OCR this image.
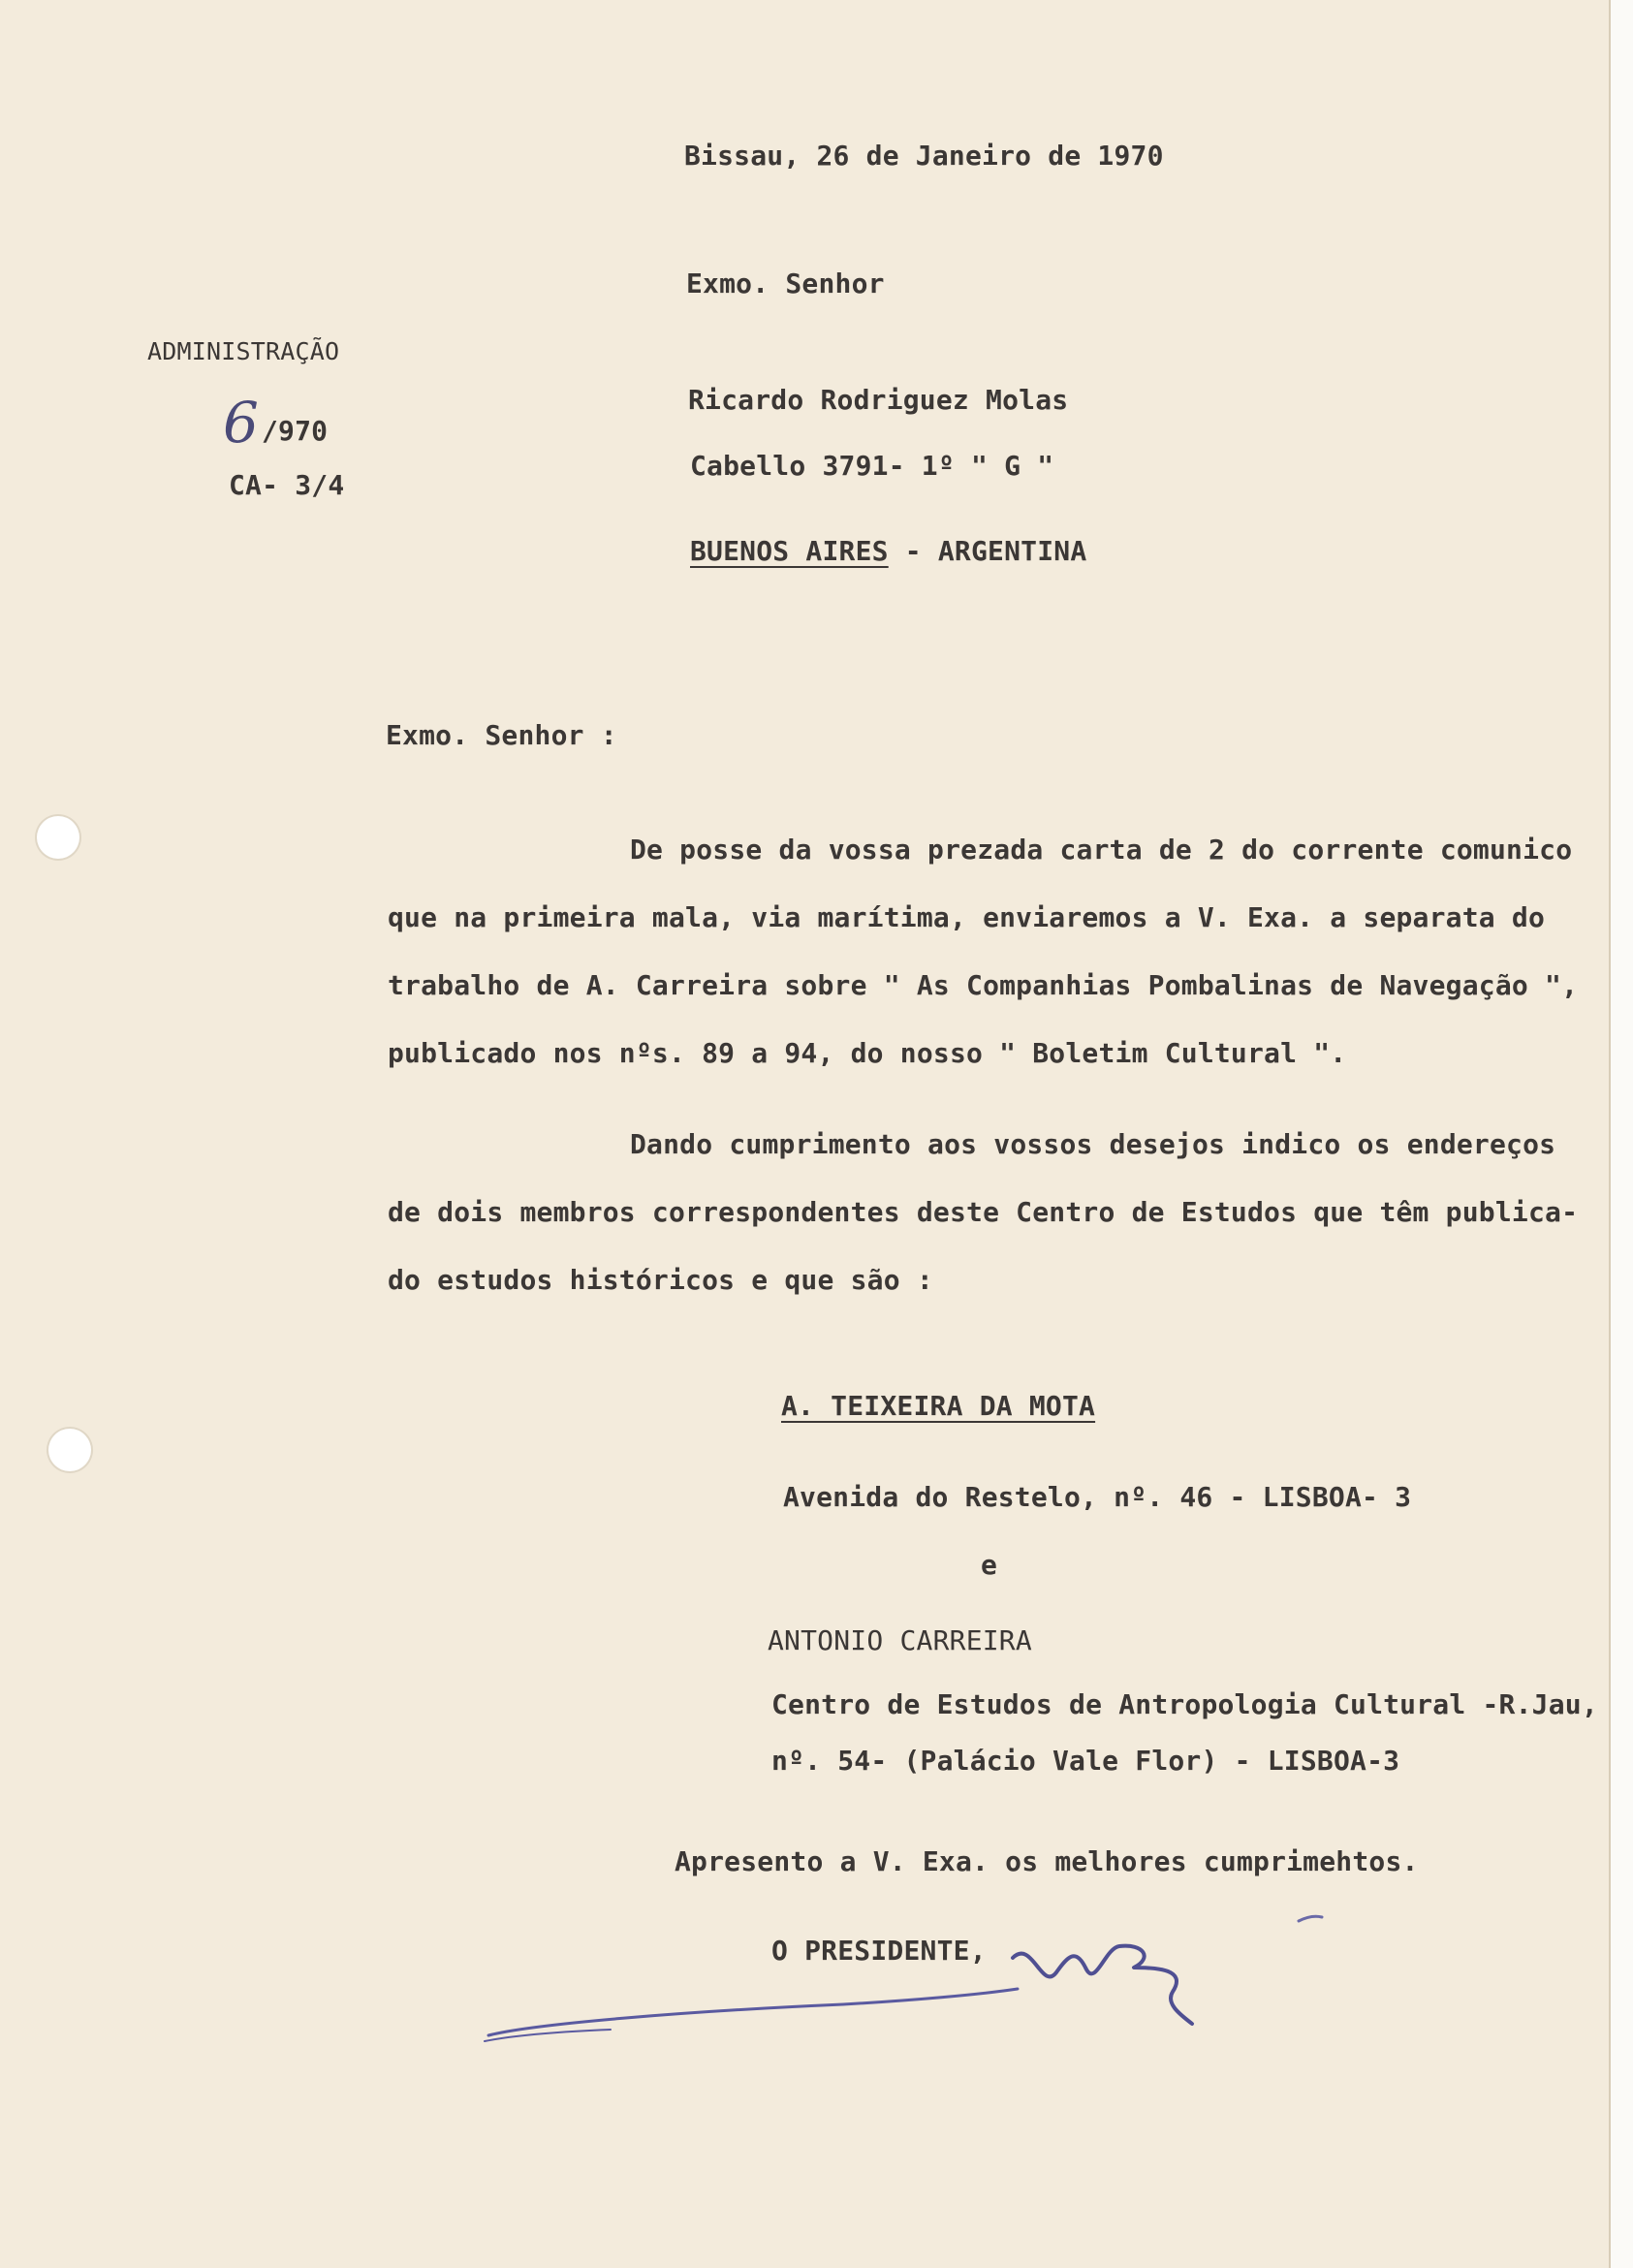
Bissau, 26 de Janeiro de 1970
Exmo. Senhor
ADMINISTRAÇÃO
6 /970
CA- 3/4
Ricardo Rodriguez Molas
Cabello 3791- 1º " G "
BUENOS AIRES - ARGENTINA
Exmo. Senhor :
De posse da vossa prezada carta de 2 do corrente comunico
que na primeira mala, via marítima, enviaremos a V. Exa. a separata do
trabalho de A. Carreira sobre " As Companhias Pombalinas de Navegação ",
publicado nos nºs. 89 a 94, do nosso " Boletim Cultural ".
Dando cumprimento aos vossos desejos indico os endereços
de dois membros correspondentes deste Centro de Estudos que têm publica-
do estudos históricos e que são :
A. TEIXEIRA DA MOTA
Avenida do Restelo, nº. 46 - LISBOA- 3
e
ANTONIO CARREIRA
Centro de Estudos de Antropologia Cultural -R.Jau,
nº. 54- (Palácio Vale Flor) - LISBOA-3
Apresento a V. Exa. os melhores cumprimehtos.
O PRESIDENTE,
